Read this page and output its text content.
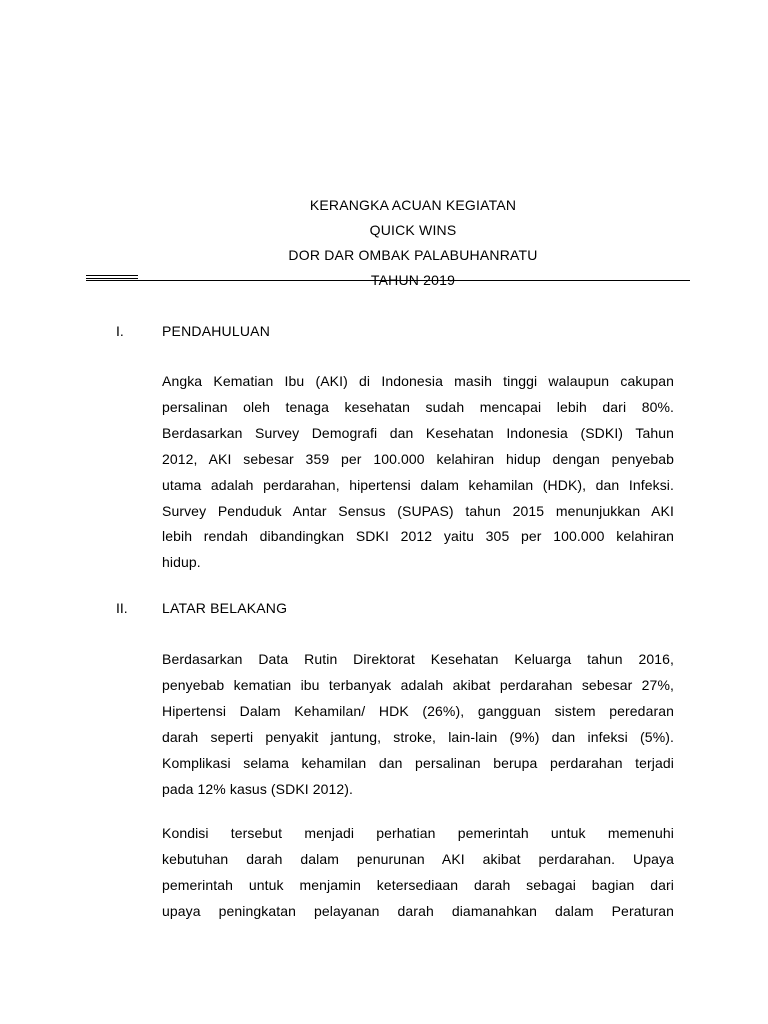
KERANGKA ACUAN KEGIATAN
QUICK WINS
DOR DAR OMBAK PALABUHANRATU
TAHUN 2019
I.	PENDAHULUAN
Angka Kematian Ibu (AKI) di Indonesia masih tinggi walaupun cakupan
persalinan oleh tenaga kesehatan sudah mencapai lebih dari 80%.
Berdasarkan Survey Demografi dan Kesehatan Indonesia (SDKI) Tahun
2012, AKI sebesar 359 per 100.000 kelahiran hidup dengan penyebab
utama adalah perdarahan, hipertensi dalam kehamilan (HDK), dan Infeksi.
Survey Penduduk Antar Sensus (SUPAS) tahun 2015 menunjukkan AKI
lebih rendah dibandingkan SDKI 2012 yaitu 305 per 100.000 kelahiran
hidup.
II. LATAR BELAKANG
Berdasarkan Data Rutin Direktorat Kesehatan Keluarga tahun 2016,
penyebab kematian ibu terbanyak adalah akibat perdarahan sebesar 27%,
Hipertensi Dalam Kehamilan/ HDK (26%), gangguan sistem peredaran
darah seperti penyakit jantung, stroke, lain-lain (9%) dan infeksi (5%).
Komplikasi selama kehamilan dan persalinan berupa perdarahan terjadi
pada 12% kasus (SDKI 2012).
Kondisi tersebut menjadi perhatian pemerintah untuk memenuhi
kebutuhan darah dalam penurunan AKI akibat perdarahan. Upaya
pemerintah untuk menjamin ketersediaan darah sebagai bagian dari
upaya peningkatan pelayanan darah diamanahkan dalam Peraturan
